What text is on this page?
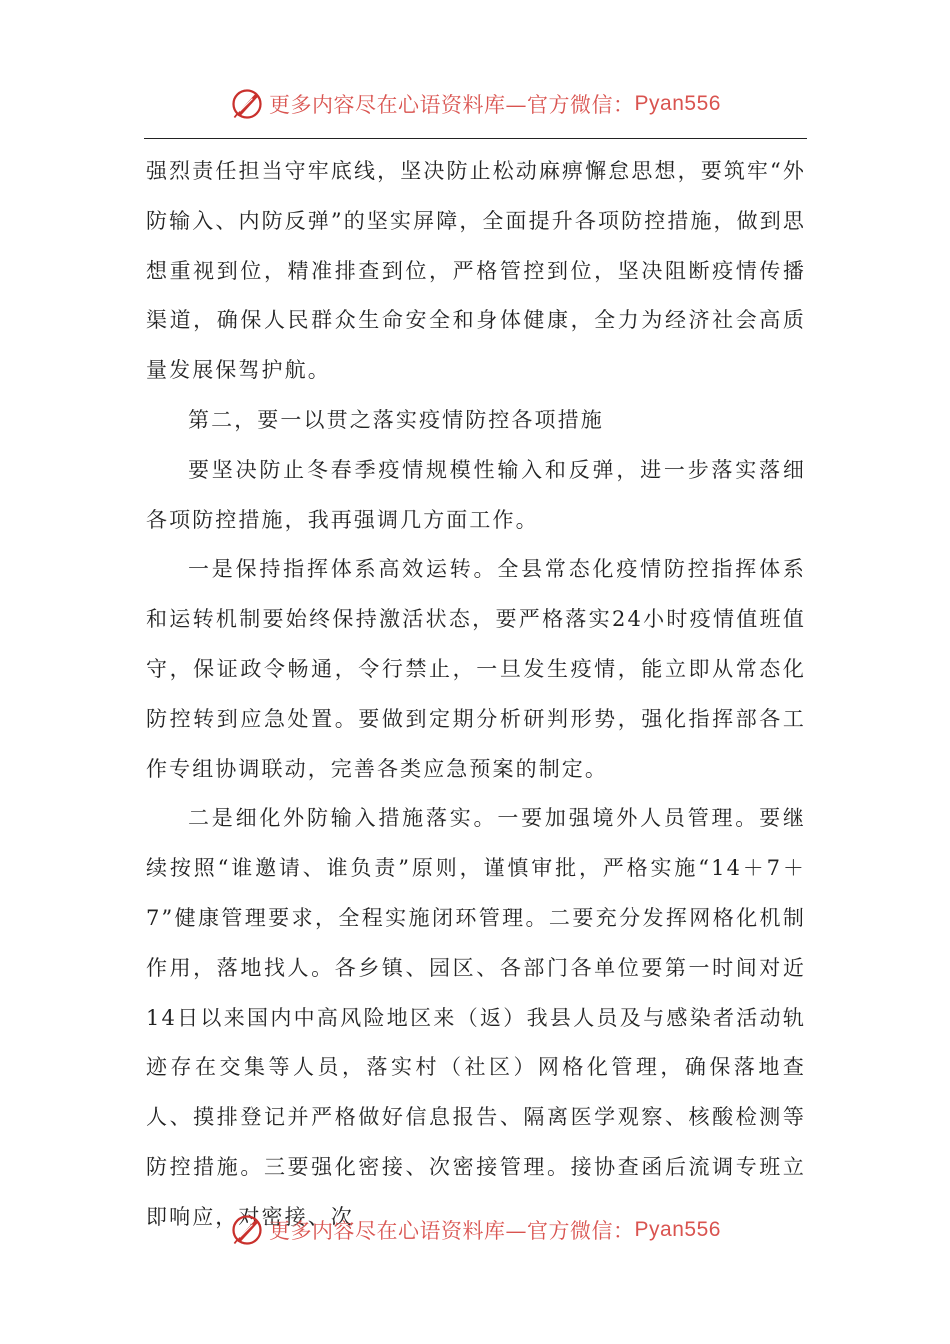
更多内容尽在心语资料库— 官方微信： Pyan556

强烈责任担当守牢底线，坚决防止松动麻痹懈怠思想，要筑牢“外防输入、内防反弹”的坚实屏障，全面提升各项防控措施，做到思想重视到位，精准排查到位，严格管控到位，坚决阻断疫情传播渠道，确保人民群众生命安全和身体健康，全力为经济社会高质量发展保驾护航。

第二，要一以贯之落实疫情防控各项措施

要坚决防止冬春季疫情规模性输入和反弹，进一步落实落细各项防控措施，我再强调几方面工作。

一是保持指挥体系高效运转。全县常态化疫情防控指挥体系和运转机制要始终保持激活状态，要严格落实24小时疫情值班值守，保证政令畅通，令行禁止，一旦发生疫情，能立即从常态化防控转到应急处置。要做到定期分析研判形势，强化指挥部各工作专组协调联动，完善各类应急预案的制定。

二是细化外防输入措施落实。一要加强境外人员管理。要继续按照“谁邀请、谁负责”原则，谨慎审批，严格实施“14＋7＋7”健康管理要求，全程实施闭环管理。二要充分发挥网格化机制作用，落地找人。各乡镇、园区、各部门各单位要第一时间对近14日以来国内中高风险地区来（返）我县人员及与感染者活动轨迹存在交集等人员，落实村（社区）网格化管理，确保落地查人、摸排登记并严格做好信息报告、隔离医学观察、核酸检测等防控措施。三要强化密接、次密接管理。接协查函后流调专班立即响应，对密接、次

更多内容尽在心语资料库— 官方微信： Pyan556
